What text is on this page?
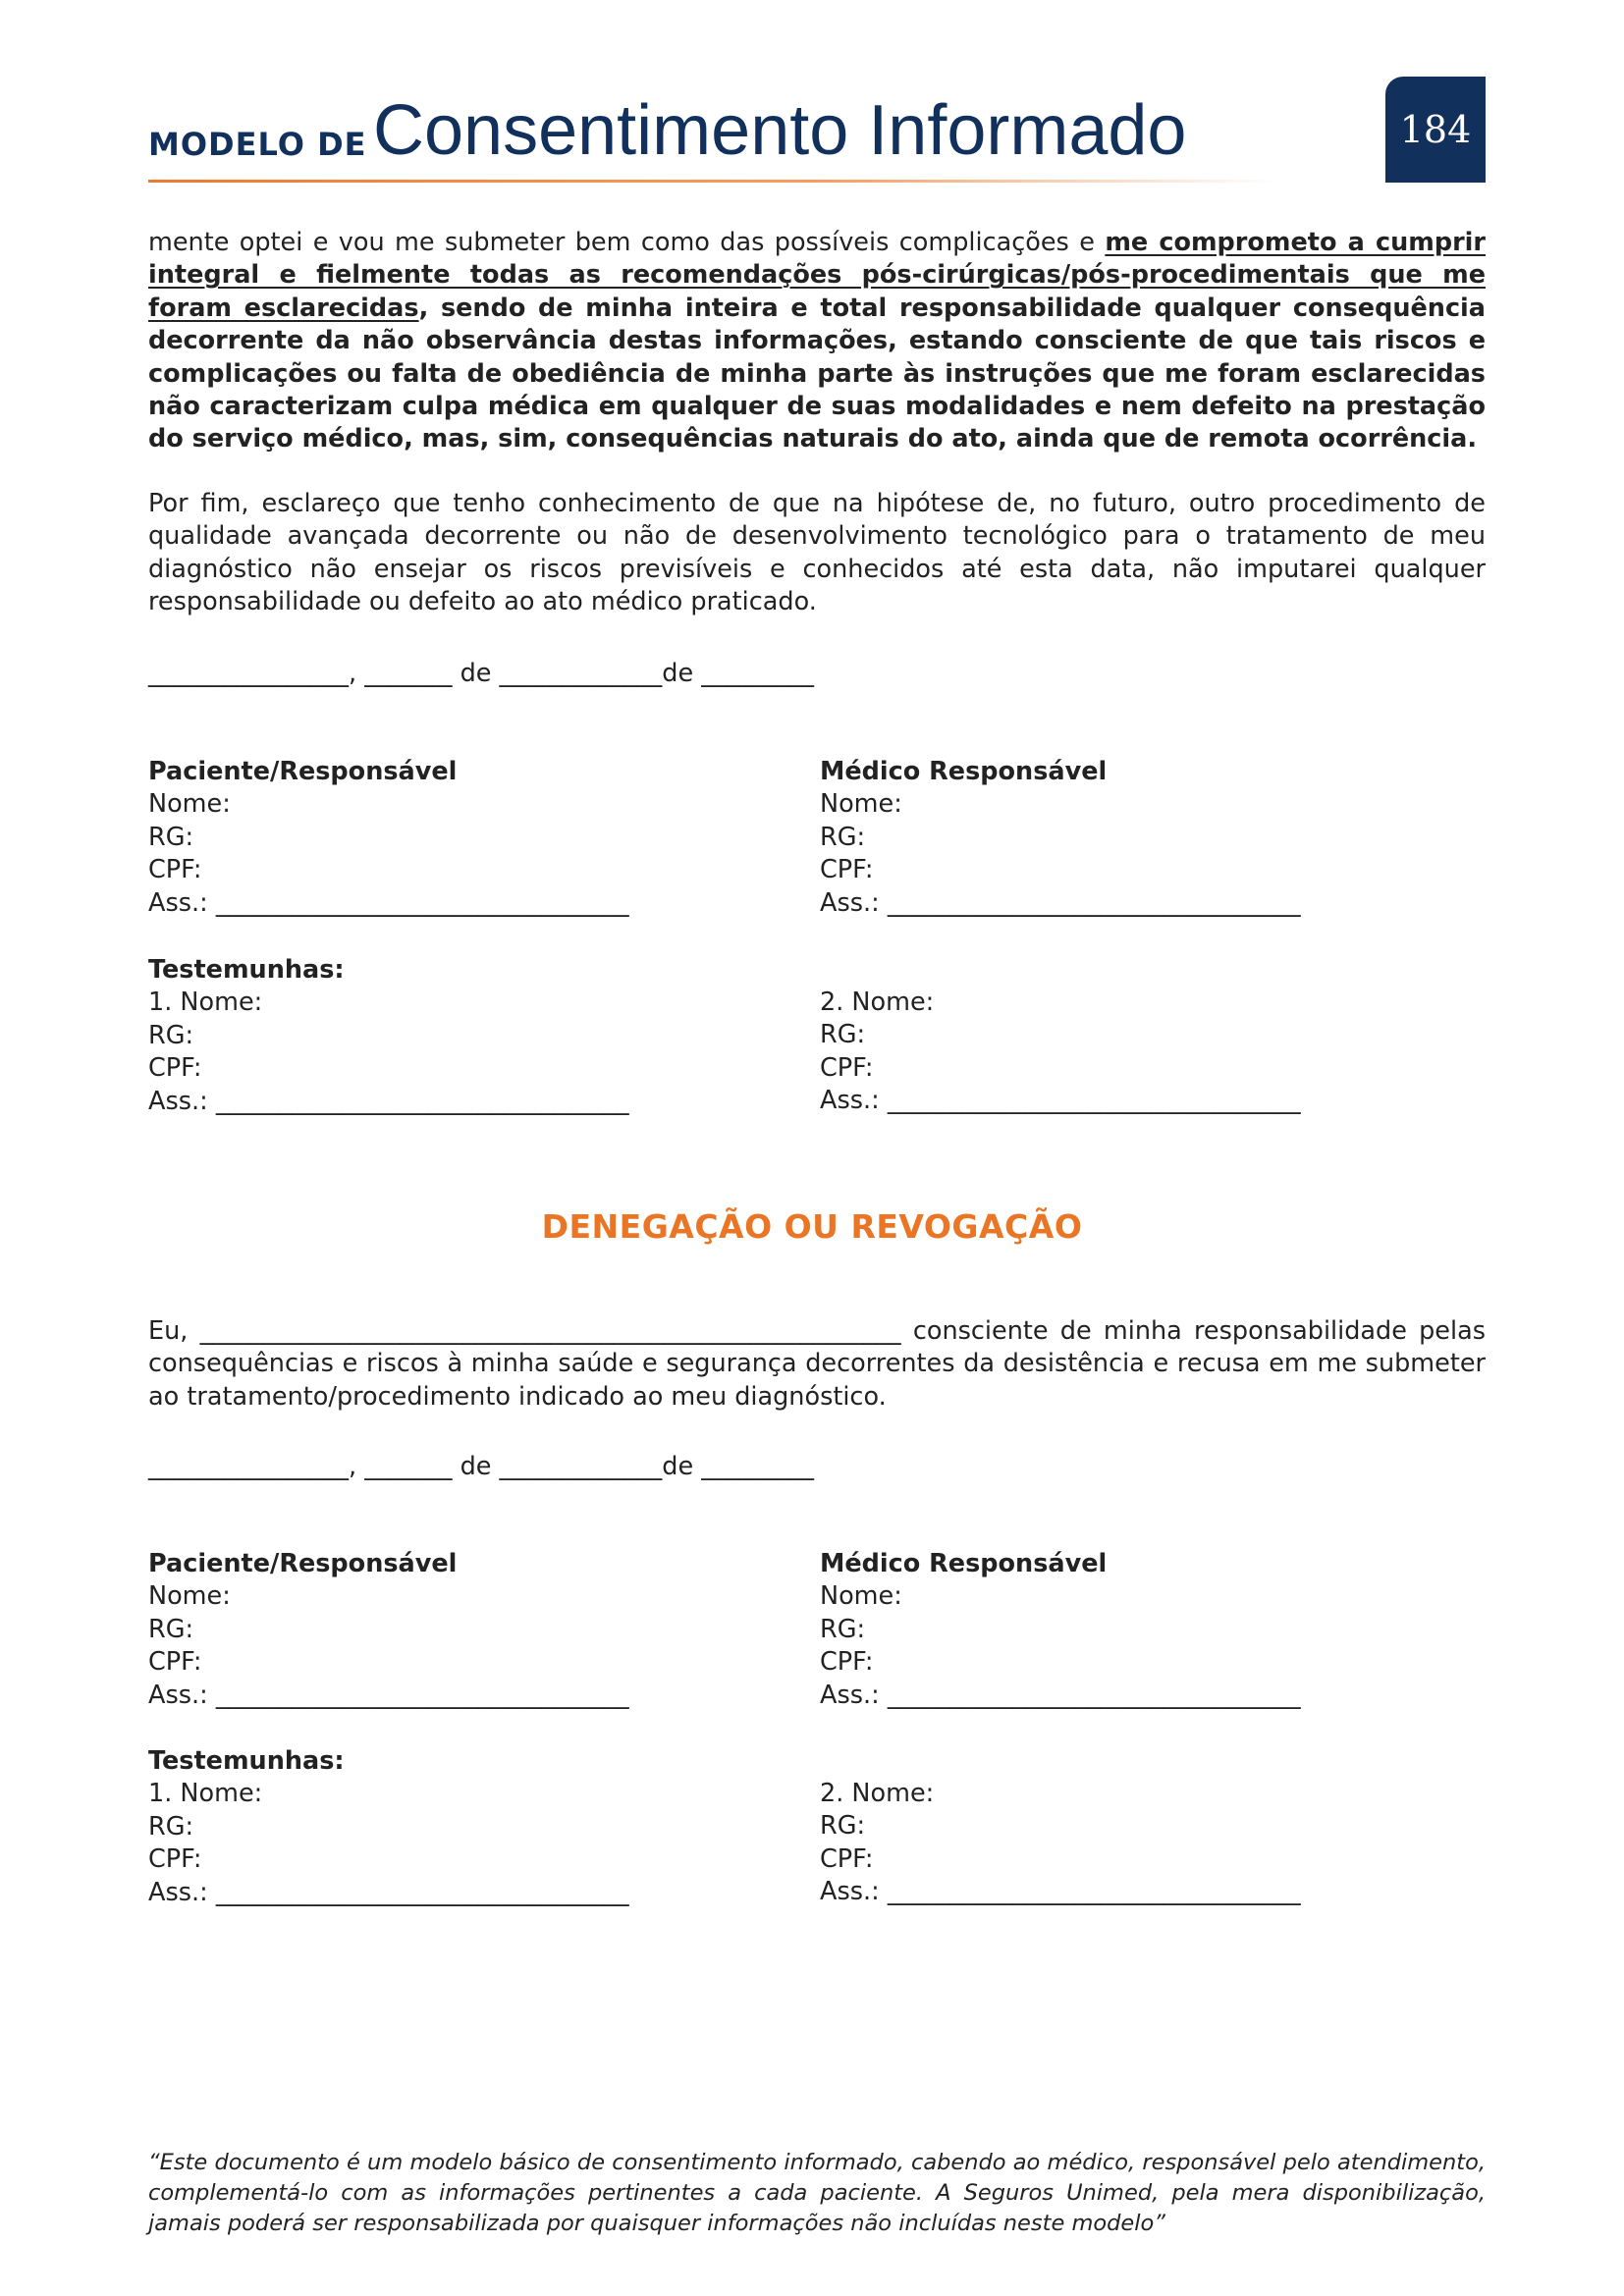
MODELO DE Consentimento Informado	184
mente optei e vou me submeter bem como das possíveis complicações e me comprometo a cumprir integral e fielmente todas as recomendações pós-cirúrgicas/pós-procedimentais que me foram esclarecidas, sendo de minha inteira e total responsabilidade qualquer consequência decorrente da não observância destas informações, estando consciente de que tais riscos e complicações ou falta de obediência de minha parte às instruções que me foram esclarecidas não caracterizam culpa médica em qualquer de suas modalidades e nem defeito na prestação do serviço médico, mas, sim, consequências naturais do ato, ainda que de remota ocorrência.
Por fim, esclareço que tenho conhecimento de que na hipótese de, no futuro, outro procedimento de qualidade avançada decorrente ou não de desenvolvimento tecnológico para o tratamento de meu diagnóstico não ensejar os riscos previsíveis e conhecidos até esta data, não imputarei qualquer responsabilidade ou defeito ao ato médico praticado.
________________, _______ de _____________de _________
Paciente/Responsável
Nome:
RG:
CPF:
Ass.: _________________________________
Médico Responsável
Nome:
RG:
CPF:
Ass.: _________________________________
Testemunhas:
1. Nome:
RG:
CPF:
Ass.: _________________________________
2. Nome:
RG:
CPF:
Ass.: _________________________________
DENEGAÇÃO OU REVOGAÇÃO
Eu, ________________________________________________________ consciente de minha responsabilidade pelas consequências e riscos à minha saúde e segurança decorrentes da desistência e recusa em me submeter ao tratamento/procedimento indicado ao meu diagnóstico.
________________, _______ de _____________de _________
Paciente/Responsável
Nome:
RG:
CPF:
Ass.: _________________________________
Médico Responsável
Nome:
RG:
CPF:
Ass.: _________________________________
Testemunhas:
1. Nome:
RG:
CPF:
Ass.: _________________________________
2. Nome:
RG:
CPF:
Ass.: _________________________________
“Este documento é um modelo básico de consentimento informado, cabendo ao médico, responsável pelo atendimento, complementá-lo com as informações pertinentes a cada paciente. A Seguros Unimed, pela mera disponibilização, jamais poderá ser responsabilizada por quaisquer informações não incluídas neste modelo”
